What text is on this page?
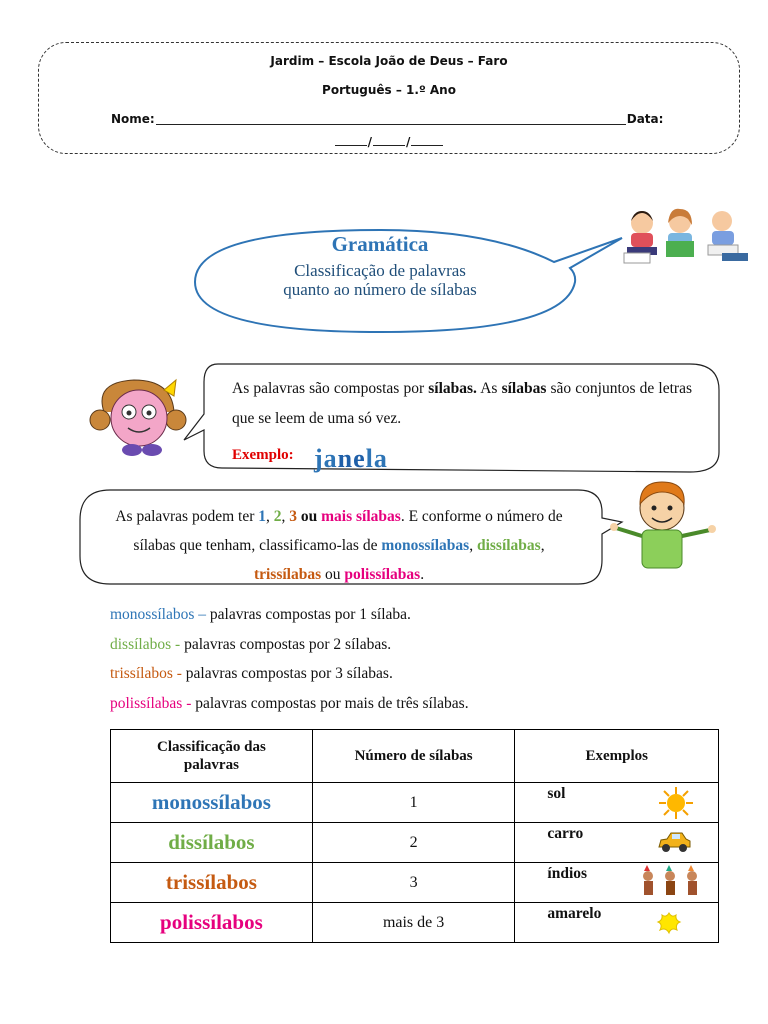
Jardim – Escola João de Deus – Faro
Português – 1.º Ano
Nome:	Data:
/	/
Gramática
Classificação de palavras
quanto ao número de sílabas
As palavras são compostas por sílabas. As sílabas são conjuntos de letras que se leem de uma só vez.
Exemplo: janela
As palavras podem ter 1, 2, 3 ou mais sílabas. E conforme o número de sílabas que tenham, classificamo-las de monossílabas, dissílabas, trissílabas ou polissílabas.
monossílabos – palavras compostas por 1 sílaba.
dissílabos - palavras compostas por 2 sílabas.
trissílabos - palavras compostas por 3 sílabas.
polissílabas - palavras compostas por mais de três sílabas.
Classificação das palavras	Número de sílabas	Exemplos
monossílabos	1	sol

dissílabos	2	carro

trissílabos	3	índios

polissílabos	mais de 3	amarelo
